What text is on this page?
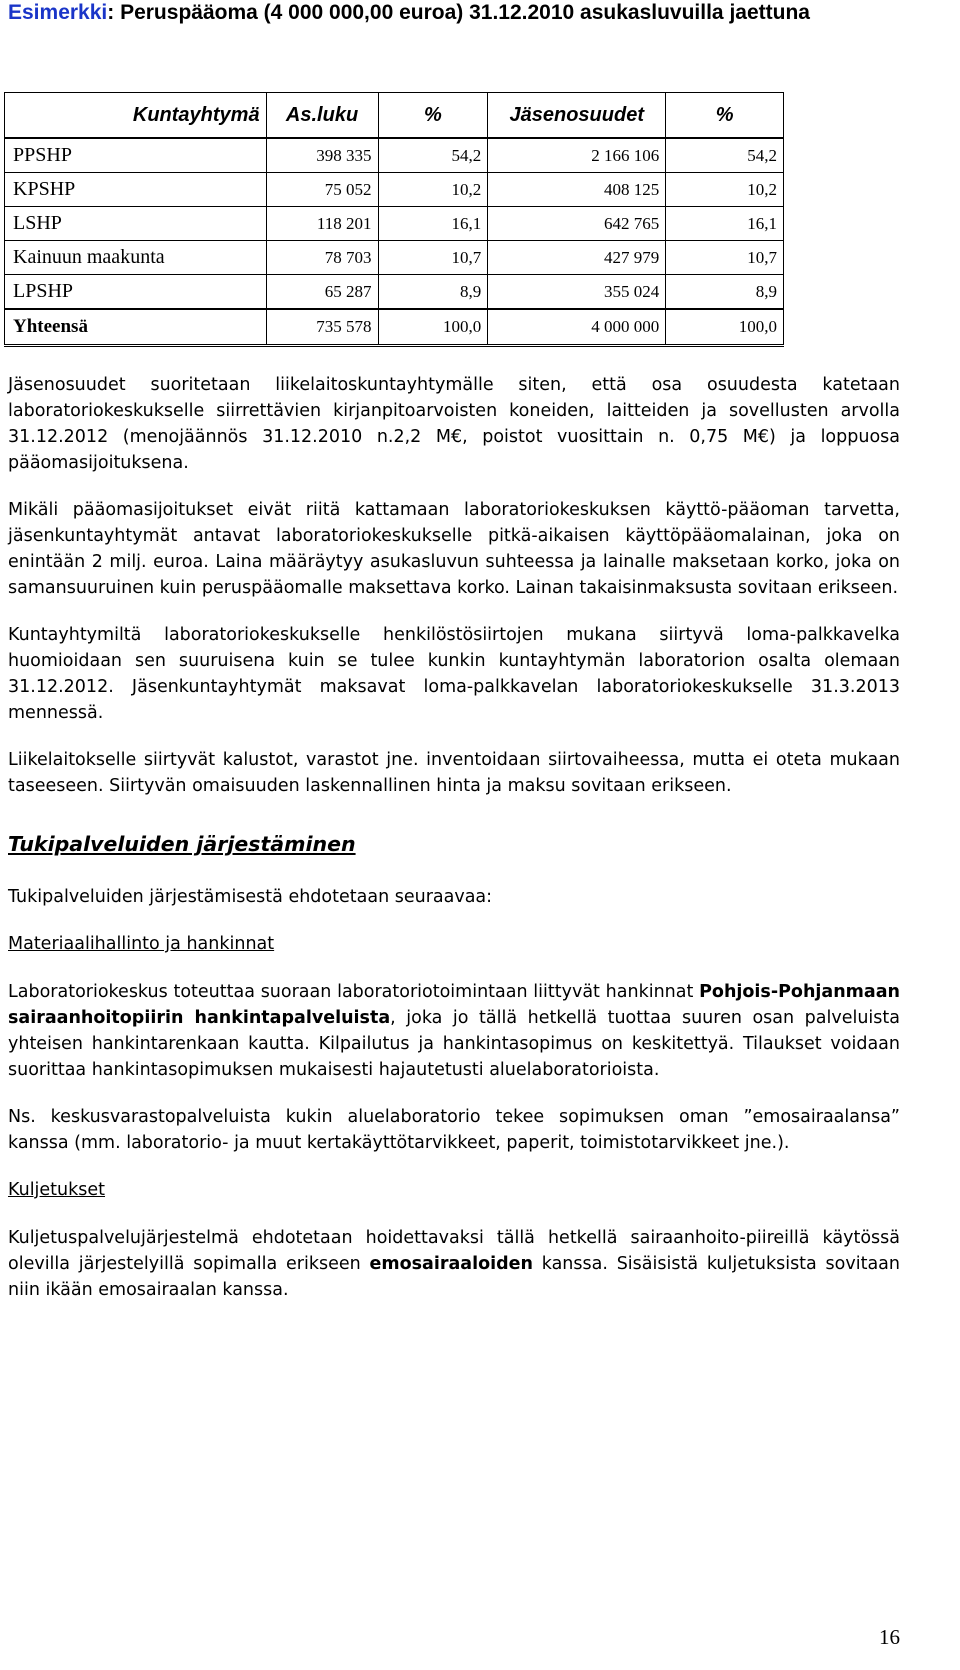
Esimerkki: Peruspääoma (4 000 000,00 euroa) 31.12.2010 asukasluvuilla jaettuna
Kuntayhtymä	As.luku	%	Jäsenosuudet	%
PPSHP	398 335	54,2	2 166 106	54,2
KPSHP	75 052	10,2	408 125	10,2
LSHP	118 201	16,1	642 765	16,1
Kainuun maakunta	78 703	10,7	427 979	10,7
LPSHP	65 287	8,9	355 024	8,9
Yhteensä	735 578	100,0	4 000 000	100,0

Jäsenosuudet suoritetaan liikelaitoskuntayhtymälle siten, että osa osuudesta katetaan laboratoriokeskukselle siirrettävien kirjanpitoarvoisten koneiden, laitteiden ja sovellusten arvolla 31.12.2012 (menojäännös 31.12.2010 n.2,2 M€, poistot vuosittain n. 0,75 M€) ja loppuosa pääomasijoituksena.

Mikäli pääomasijoitukset eivät riitä kattamaan laboratoriokeskuksen käyttö-pääoman tarvetta, jäsenkuntayhtymät antavat laboratoriokeskukselle pitkä-aikaisen käyttöpääomalainan, joka on enintään 2 milj. euroa. Laina määräytyy asukasluvun suhteessa ja lainalle maksetaan korko, joka on samansuuruinen kuin peruspääomalle maksettava korko. Lainan takaisinmaksusta sovitaan erikseen.

Kuntayhtymiltä laboratoriokeskukselle henkilöstösiirtojen mukana siirtyvä loma-palkkavelka huomioidaan sen suuruisena kuin se tulee kunkin kuntayhtymän laboratorion osalta olemaan 31.12.2012. Jäsenkuntayhtymät maksavat loma-palkkavelan laboratoriokeskukselle 31.3.2013 mennessä.

Liikelaitokselle siirtyvät kalustot, varastot jne. inventoidaan siirtovaiheessa, mutta ei oteta mukaan taseeseen. Siirtyvän omaisuuden laskennallinen hinta ja maksu sovitaan erikseen.

Tukipalveluiden järjestäminen

Tukipalveluiden järjestämisestä ehdotetaan seuraavaa:

Materiaalihallinto ja hankinnat

Laboratoriokeskus toteuttaa suoraan laboratoriotoimintaan liittyvät hankinnat Pohjois-Pohjanmaan sairaanhoitopiirin hankintapalveluista, joka jo tällä hetkellä tuottaa suuren osan palveluista yhteisen hankintarenkaan kautta. Kilpailutus ja hankintasopimus on keskitettyä. Tilaukset voidaan suorittaa hankintasopimuksen mukaisesti hajautetusti aluelaboratorioista.

Ns. keskusvarastopalveluista kukin aluelaboratorio tekee sopimuksen oman ”emosairaalansa” kanssa (mm. laboratorio- ja muut kertakäyttötarvikkeet, paperit, toimistotarvikkeet jne.).

Kuljetukset

Kuljetuspalvelujärjestelmä ehdotetaan hoidettavaksi tällä hetkellä sairaanhoito-piireillä käytössä olevilla järjestelyillä sopimalla erikseen emosairaaloiden kanssa. Sisäisistä kuljetuksista sovitaan niin ikään emosairaalan kanssa.

16
